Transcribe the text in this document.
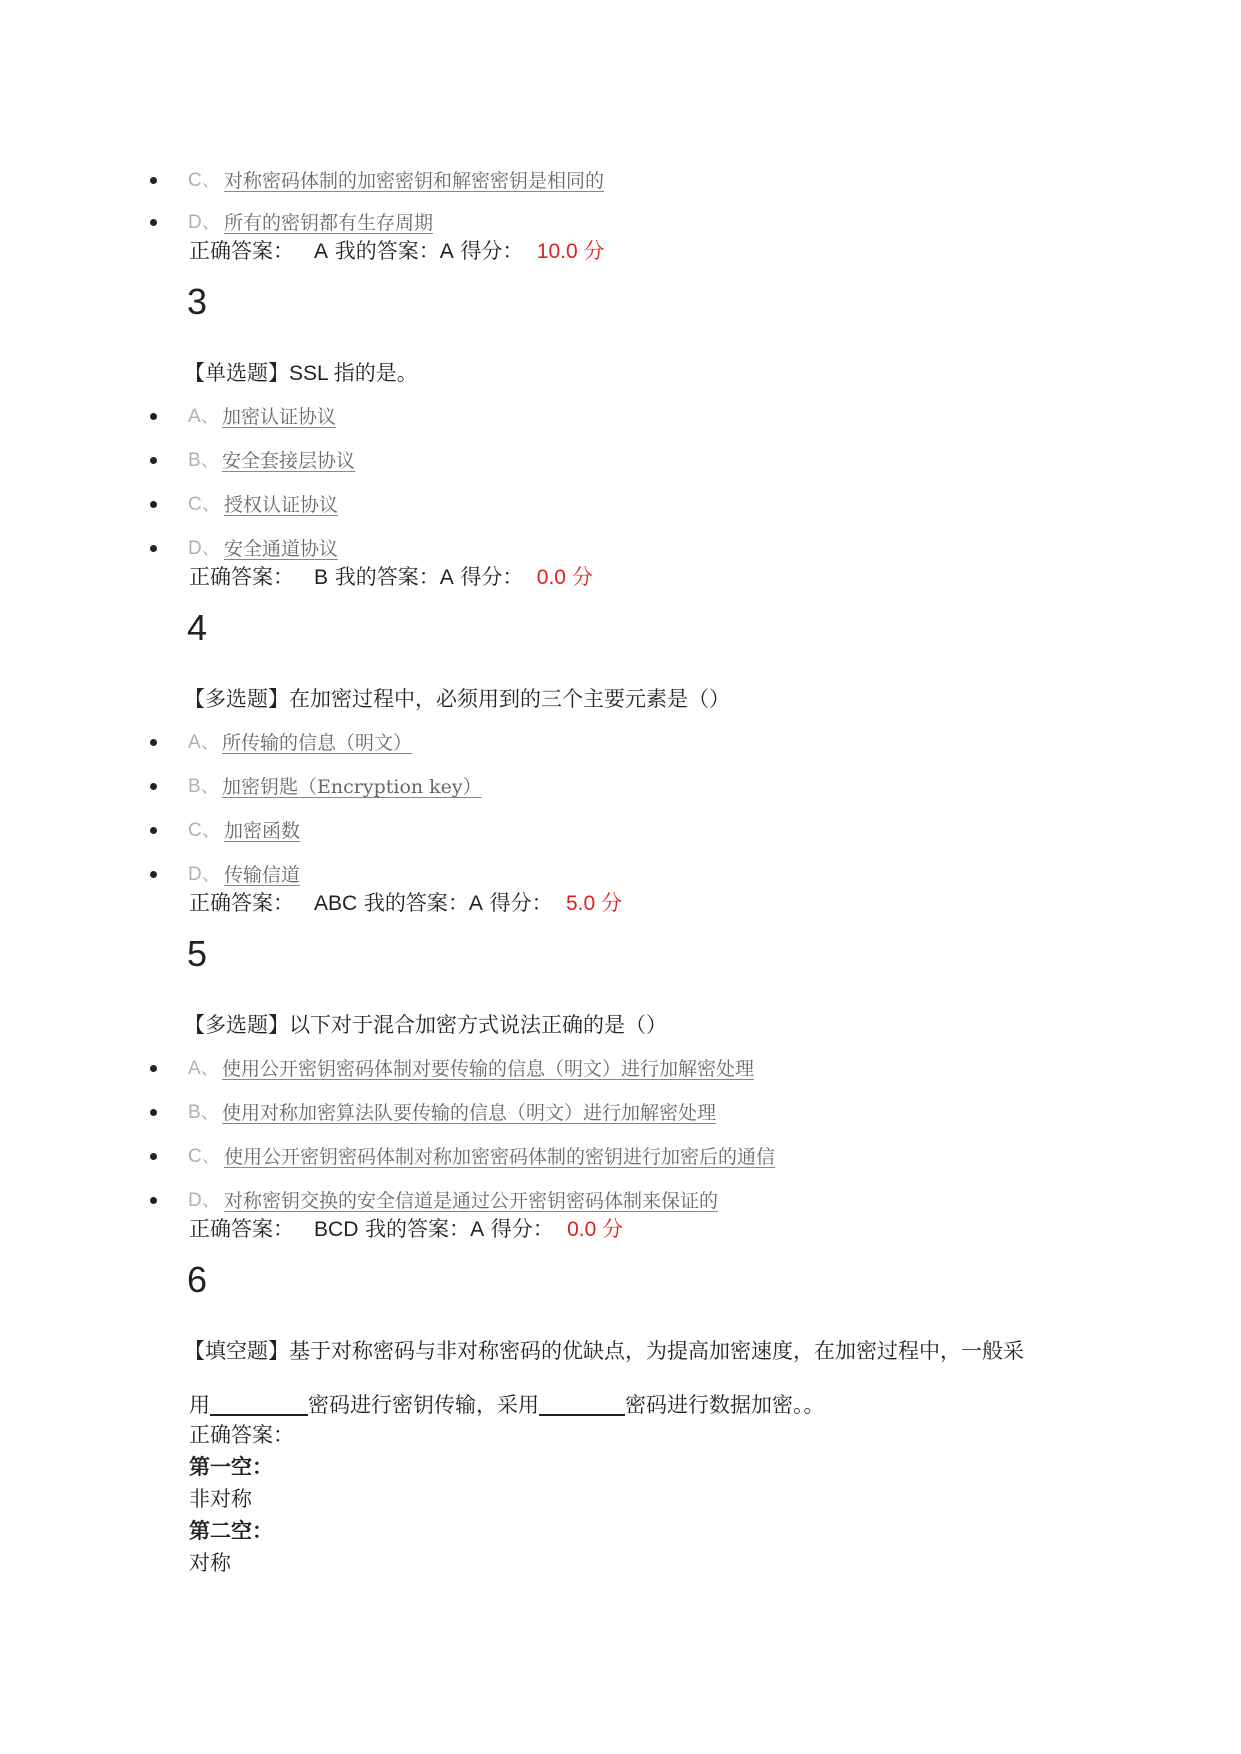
C、 对称密码体制的加密密钥和解密密钥是相同的
D、 所有的密钥都有生存周期
正确答案： A 我的答案：A 得分： 10.0 分
3
【单选题】SSL 指的是。
A、 加密认证协议
B、 安全套接层协议
C、 授权认证协议
D、 安全通道协议
正确答案： B 我的答案：A 得分： 0.0 分
4
【多选题】在加密过程中，必须用到的三个主要元素是（）
A、 所传输的信息（明文）
B、 加密钥匙（Encryption key）
C、 加密函数
D、 传输信道
正确答案： ABC 我的答案：A 得分： 5.0 分
5
【多选题】以下对于混合加密方式说法正确的是（）
A、 使用公开密钥密码体制对要传输的信息（明文）进行加解密处理
B、 使用对称加密算法队要传输的信息（明文）进行加解密处理
C、 使用公开密钥密码体制对称加密密码体制的密钥进行加密后的通信
D、 对称密钥交换的安全信道是通过公开密钥密码体制来保证的
正确答案： BCD 我的答案：A 得分： 0.0 分
6
【填空题】基于对称密码与非对称密码的优缺点，为提高加密速度，在加密过程中，一般采
用	密码进行密钥传输，采用	密码进行数据加密。。
正确答案：
第一空：
非对称
第二空：
对称
